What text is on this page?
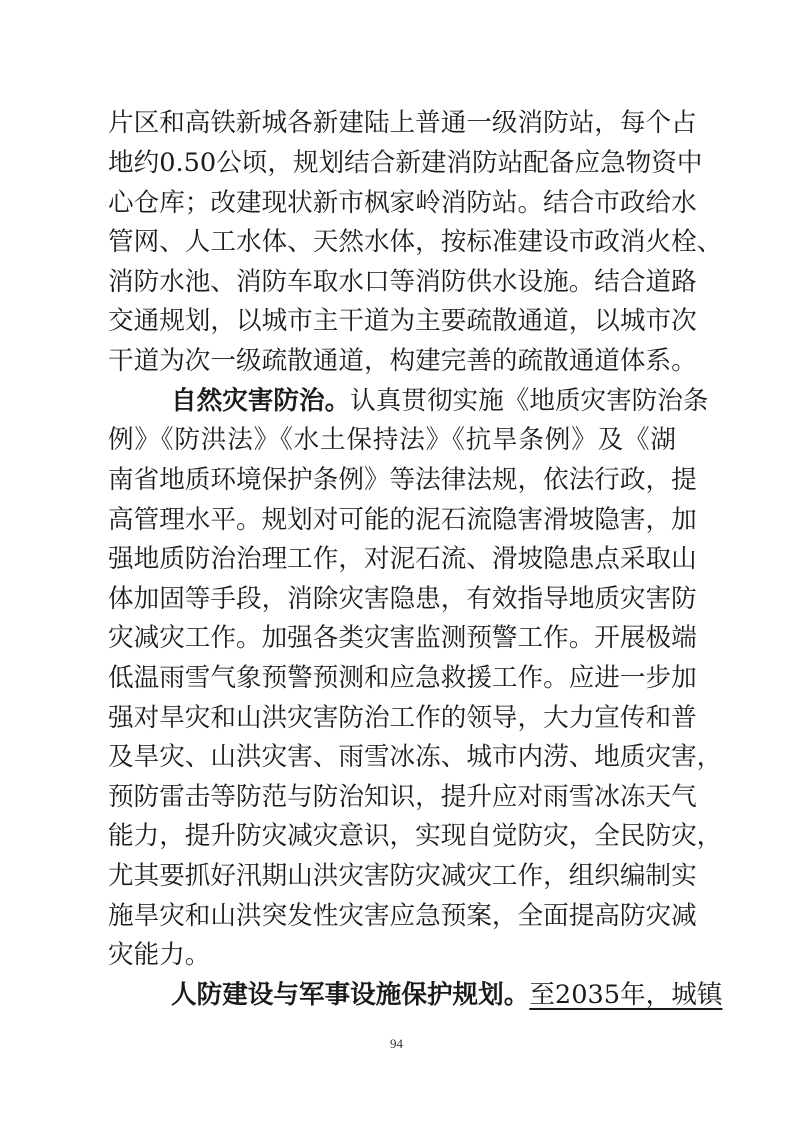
片区和高铁新城各新建陆上普通一级消防站，每个占
地约0.50公顷，规划结合新建消防站配备应急物资中
心仓库；改建现状新市枫家岭消防站。结合市政给水
管网、人工水体、天然水体，按标准建设市政消火栓、
消防水池、消防车取水口等消防供水设施。结合道路
交通规划，以城市主干道为主要疏散通道，以城市次
干道为次一级疏散通道，构建完善的疏散通道体系。
自然灾害防治。认真贯彻实施《地质灾害防治条
例》《防洪法》《水土保持法》《抗旱条例》及《湖
南省地质环境保护条例》等法律法规，依法行政，提
高管理水平。规划对可能的泥石流隐害滑坡隐害，加
强地质防治治理工作，对泥石流、滑坡隐患点采取山
体加固等手段，消除灾害隐患，有效指导地质灾害防
灾减灾工作。加强各类灾害监测预警工作。开展极端
低温雨雪气象预警预测和应急救援工作。应进一步加
强对旱灾和山洪灾害防治工作的领导，大力宣传和普
及旱灾、山洪灾害、雨雪冰冻、城市内涝、地质灾害，
预防雷击等防范与防治知识，提升应对雨雪冰冻天气
能力，提升防灾减灾意识，实现自觉防灾，全民防灾，
尤其要抓好汛期山洪灾害防灾减灾工作，组织编制实
施旱灾和山洪突发性灾害应急预案，全面提高防灾减
灾能力。
人防建设与军事设施保护规划。至2035年，城镇
94
